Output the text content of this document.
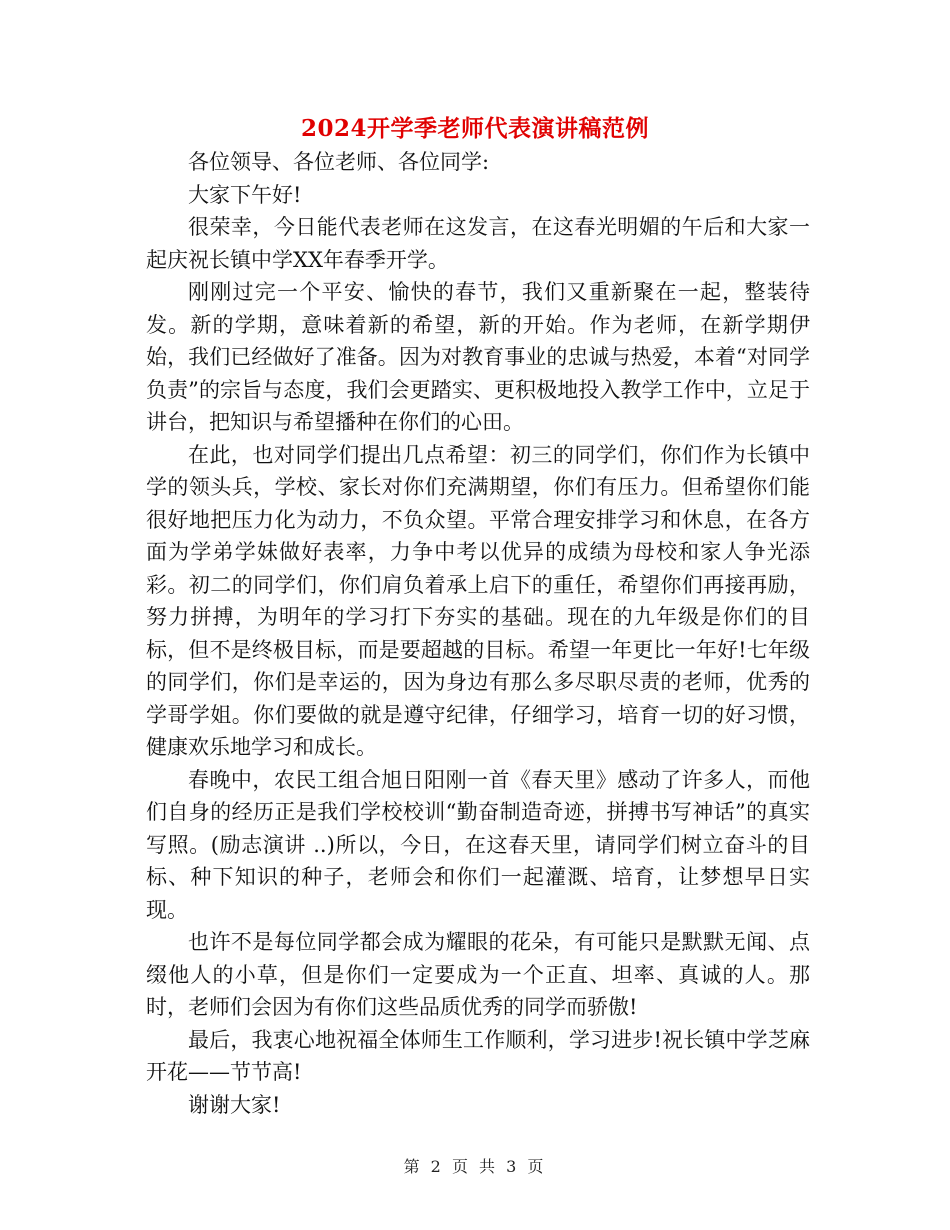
2024开学季老师代表演讲稿范例

各位领导、各位老师、各位同学:

大家下午好!

很荣幸，今日能代表老师在这发言，在这春光明媚的午后和大家一起庆祝长镇中学XX年春季开学。

刚刚过完一个平安、愉快的春节，我们又重新聚在一起，整装待发。新的学期，意味着新的希望，新的开始。作为老师，在新学期伊始，我们已经做好了准备。因为对教育事业的忠诚与热爱，本着“对同学负责”的宗旨与态度，我们会更踏实、更积极地投入教学工作中，立足于讲台，把知识与希望播种在你们的心田。

在此，也对同学们提出几点希望：初三的同学们，你们作为长镇中学的领头兵，学校、家长对你们充满期望，你们有压力。但希望你们能很好地把压力化为动力，不负众望。平常合理安排学习和休息，在各方面为学弟学妹做好表率，力争中考以优异的成绩为母校和家人争光添彩。初二的同学们，你们肩负着承上启下的重任，希望你们再接再励，努力拼搏，为明年的学习打下夯实的基础。现在的九年级是你们的目标，但不是终极目标，而是要超越的目标。希望一年更比一年好!七年级的同学们，你们是幸运的，因为身边有那么多尽职尽责的老师，优秀的学哥学姐。你们要做的就是遵守纪律，仔细学习，培育一切的好习惯，健康欢乐地学习和成长。

春晚中，农民工组合旭日阳刚一首《春天里》感动了许多人，而他们自身的经历正是我们学校校训“勤奋制造奇迹，拼搏书写神话”的真实写照。(励志演讲 ..)所以，今日，在这春天里，请同学们树立奋斗的目标、种下知识的种子，老师会和你们一起灌溉、培育，让梦想早日实现。

也许不是每位同学都会成为耀眼的花朵，有可能只是默默无闻、点缀他人的小草，但是你们一定要成为一个正直、坦率、真诚的人。那时，老师们会因为有你们这些品质优秀的同学而骄傲!

最后，我衷心地祝福全体师生工作顺利，学习进步!祝长镇中学芝麻开花——节节高!

谢谢大家!

第 2 页 共 3 页
